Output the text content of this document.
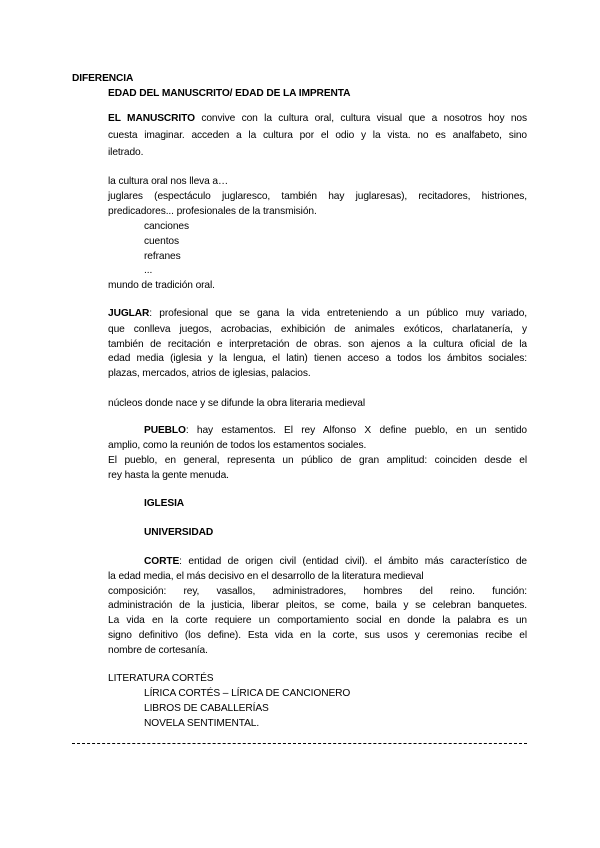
DIFERENCIA
EDAD DEL MANUSCRITO/ EDAD DE LA IMPRENTA
EL MANUSCRITO convive con la cultura oral, cultura visual que a nosotros hoy nos
cuesta imaginar. acceden a la cultura por el odio y la vista. no es analfabeto, sino
iletrado.
la cultura oral nos lleva a…
juglares (espectáculo juglaresco, también hay juglaresas), recitadores, histriones,
predicadores... profesionales de la transmisión.
canciones
cuentos
refranes
...
mundo de tradición oral.
JUGLAR: profesional que se gana la vida entreteniendo a un público muy variado,
que conlleva juegos, acrobacias, exhibición de animales exóticos, charlatanería, y
también de recitación e interpretación de obras. son ajenos a la cultura oficial de la
edad media (iglesia y la lengua, el latin) tienen acceso a todos los ámbitos sociales:
plazas, mercados, atrios de iglesias, palacios.
núcleos donde nace y se difunde la obra literaria medieval
PUEBLO: hay estamentos. El rey Alfonso X define pueblo, en un sentido
amplio, como la reunión de todos los estamentos sociales.
El pueblo, en general, representa un público de gran amplitud: coinciden desde el
rey hasta la gente menuda.
IGLESIA
UNIVERSIDAD
CORTE: entidad de origen civil (entidad civil). el ámbito más característico de
la edad media, el más decisivo en el desarrollo de la literatura medieval
composición: rey, vasallos, administradores, hombres del reino. función:
administración de la justicia, liberar pleitos, se come, baila y se celebran banquetes.
La vida en la corte requiere un comportamiento social en donde la palabra es un
signo definitivo (los define). Esta vida en la corte, sus usos y ceremonias recibe el
nombre de cortesanía.
LITERATURA CORTÉS
LÍRICA CORTÉS – LÍRICA DE CANCIONERO
LIBROS DE CABALLERÍAS
NOVELA SENTIMENTAL.
